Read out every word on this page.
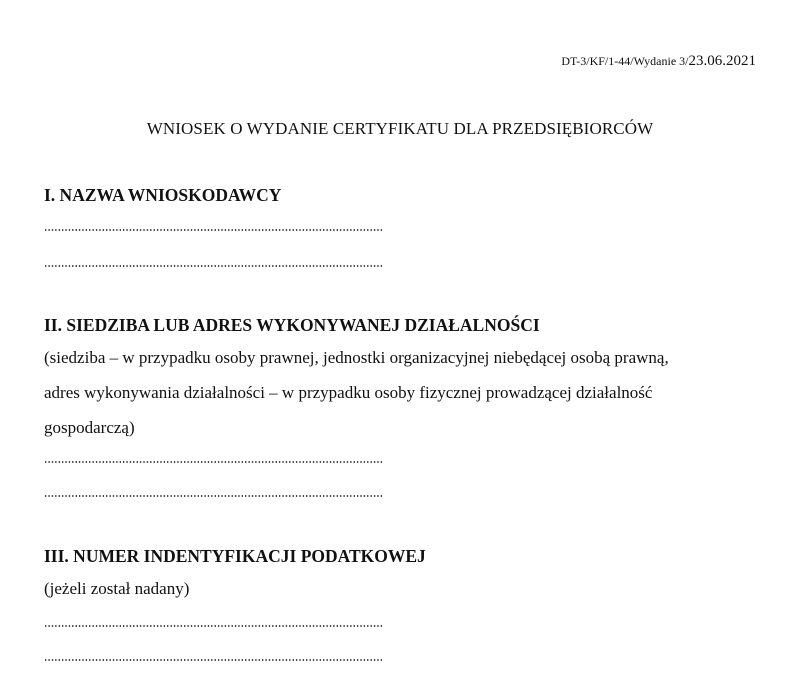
DT-3/KF/1-44/Wydanie 3/23.06.2021
WNIOSEK O WYDANIE CERTYFIKATU DLA PRZEDSIĘBIORCÓW
I. NAZWA WNIOSKODAWCY
II. SIEDZIBA LUB ADRES WYKONYWANEJ DZIAŁALNOŚCI
(siedziba – w przypadku osoby prawnej, jednostki organizacyjnej niebędącej osobą prawną,
adres wykonywania działalności – w przypadku osoby fizycznej prowadzącej działalność
gospodarczą)
III. NUMER INDENTYFIKACJI PODATKOWEJ
(jeżeli został nadany)
